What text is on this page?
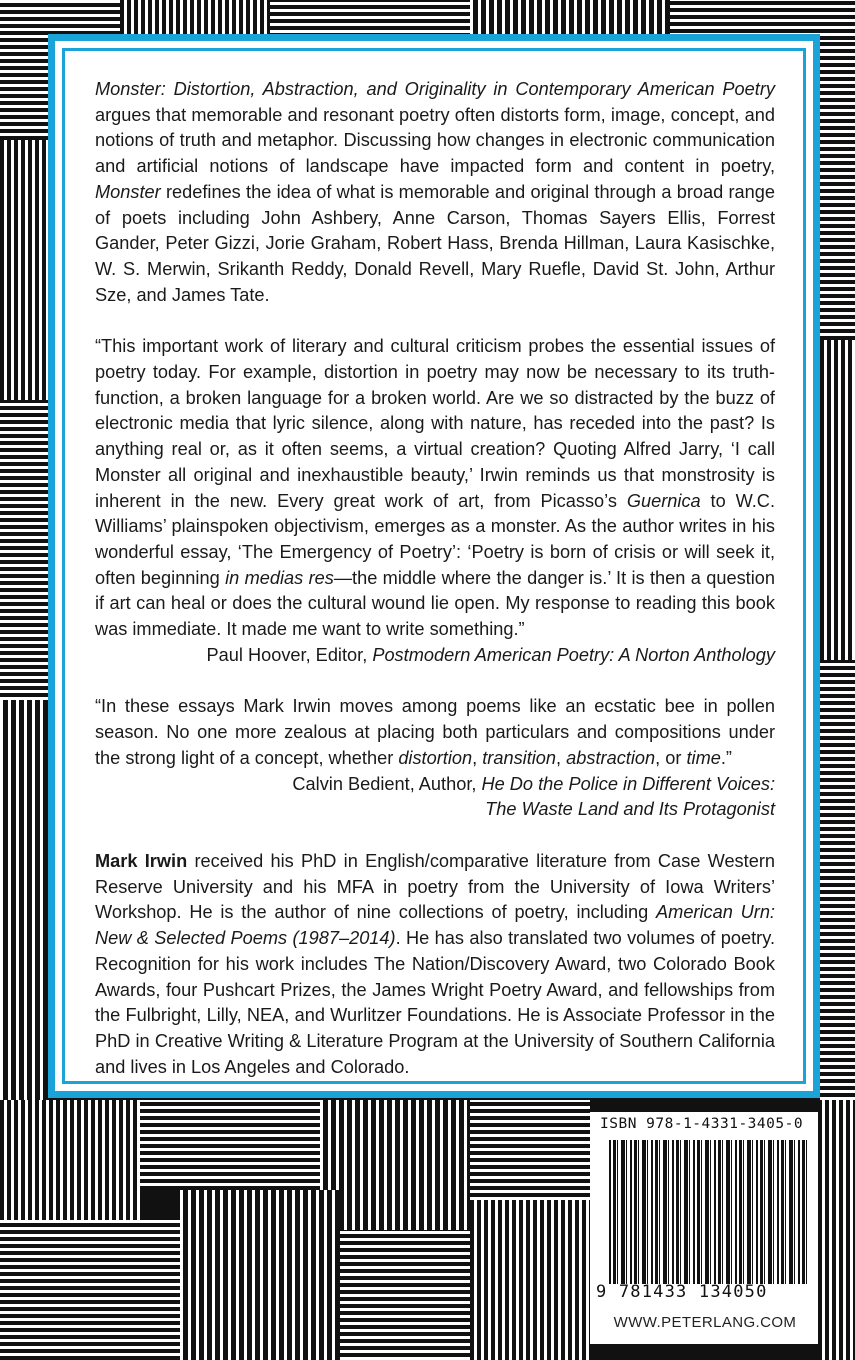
Monster: Distortion, Abstraction, and Originality in Contemporary American Poetry argues that memorable and resonant poetry often distorts form, image, concept, and notions of truth and metaphor. Discussing how changes in electronic communication and artificial notions of landscape have impacted form and content in poetry, Monster redefines the idea of what is memorable and original through a broad range of poets including John Ashbery, Anne Carson, Thomas Sayers Ellis, Forrest Gander, Peter Gizzi, Jorie Graham, Robert Hass, Brenda Hillman, Laura Kasischke, W. S. Merwin, Srikanth Reddy, Donald Revell, Mary Ruefle, David St. John, Arthur Sze, and James Tate.

“This important work of literary and cultural criticism probes the essential issues of poetry today. For example, distortion in poetry may now be necessary to its truth-function, a broken language for a broken world. Are we so distracted by the buzz of electronic media that lyric silence, along with nature, has receded into the past? Is anything real or, as it often seems, a virtual creation? Quoting Alfred Jarry, ‘I call Monster all original and inexhaustible beauty,’ Irwin reminds us that monstrosity is inherent in the new. Every great work of art, from Picasso’s Guernica to W.C. Williams’ plainspoken objectivism, emerges as a monster. As the author writes in his wonderful essay, ‘The Emergency of Poetry’: ‘Poetry is born of crisis or will seek it, often beginning in medias res—the middle where the danger is.’ It is then a question if art can heal or does the cultural wound lie open. My response to reading this book was immediate. It made me want to write something.”

Paul Hoover, Editor, Postmodern American Poetry: A Norton Anthology

“In these essays Mark Irwin moves among poems like an ecstatic bee in pollen season. No one more zealous at placing both particulars and compositions under the strong light of a concept, whether distortion, transition, abstraction, or time.”

Calvin Bedient, Author, He Do the Police in Different Voices:

The Waste Land and Its Protagonist

Mark Irwin received his PhD in English/comparative literature from Case Western Reserve University and his MFA in poetry from the University of Iowa Writers’ Workshop. He is the author of nine collections of poetry, including American Urn: New & Selected Poems (1987–2014). He has also translated two volumes of poetry. Recognition for his work includes The Nation/Discovery Award, two Colorado Book Awards, four Pushcart Prizes, the James Wright Poetry Award, and fellowships from the Fulbright, Lilly, NEA, and Wurlitzer Foundations. He is Associate Professor in the PhD in Creative Writing & Literature Program at the University of Southern California and lives in Los Angeles and Colorado.

ISBN 978-1-4331-3405-0
9 781433 134050
WWW.PETERLANG.COM
